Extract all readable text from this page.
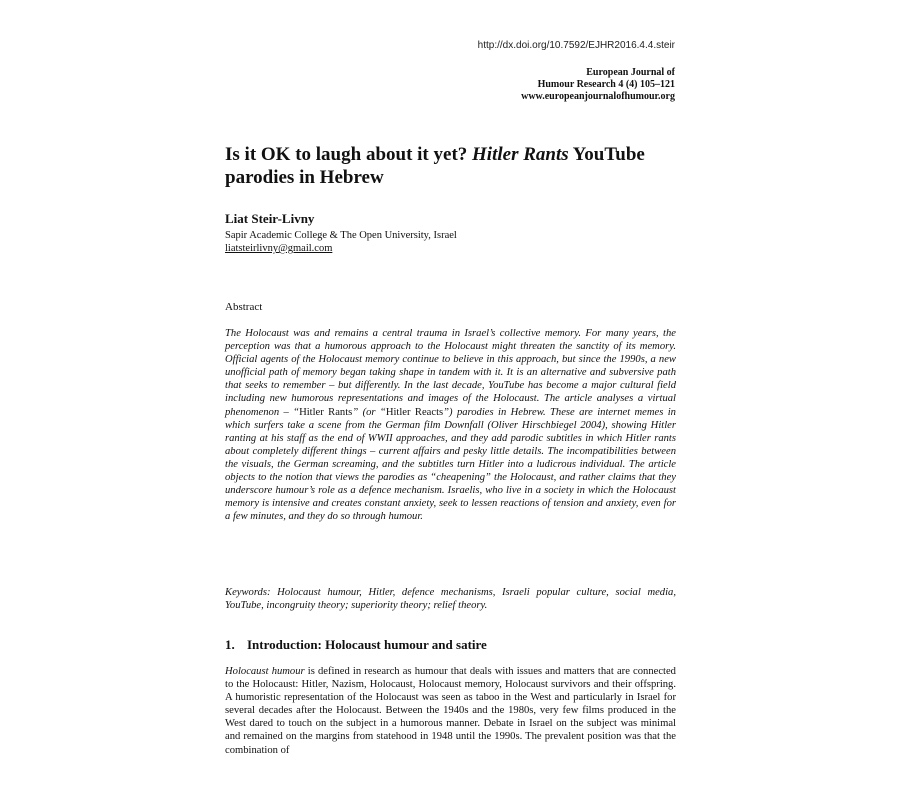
http://dx.doi.org/10.7592/EJHR2016.4.4.steir
European Journal of
Humour Research 4 (4) 105–121
www.europeanjournalofhumour.org
Is it OK to laugh about it yet? Hitler Rants YouTube parodies in Hebrew
Liat Steir-Livny
Sapir Academic College & The Open University, Israel
liatsteirlivny@gmail.com
Abstract
The Holocaust was and remains a central trauma in Israel’s collective memory. For many years, the perception was that a humorous approach to the Holocaust might threaten the sanctity of its memory. Official agents of the Holocaust memory continue to believe in this approach, but since the 1990s, a new unofficial path of memory began taking shape in tandem with it. It is an alternative and subversive path that seeks to remember – but differently. In the last decade, YouTube has become a major cultural field including new humorous representations and images of the Holocaust. The article analyses a virtual phenomenon – “Hitler Rants” (or “Hitler Reacts”) parodies in Hebrew. These are internet memes in which surfers take a scene from the German film Downfall (Oliver Hirschbiegel 2004), showing Hitler ranting at his staff as the end of WWII approaches, and they add parodic subtitles in which Hitler rants about completely different things – current affairs and pesky little details. The incompatibilities between the visuals, the German screaming, and the subtitles turn Hitler into a ludicrous individual. The article objects to the notion that views the parodies as “cheapening” the Holocaust, and rather claims that they underscore humour’s role as a defence mechanism. Israelis, who live in a society in which the Holocaust memory is intensive and creates constant anxiety, seek to lessen reactions of tension and anxiety, even for a few minutes, and they do so through humour.
Keywords: Holocaust humour, Hitler, defence mechanisms, Israeli popular culture, social media, YouTube, incongruity theory; superiority theory; relief theory.
1. Introduction: Holocaust humour and satire
Holocaust humour is defined in research as humour that deals with issues and matters that are connected to the Holocaust: Hitler, Nazism, Holocaust, Holocaust memory, Holocaust survivors and their offspring. A humoristic representation of the Holocaust was seen as taboo in the West and particularly in Israel for several decades after the Holocaust. Between the 1940s and the 1980s, very few films produced in the West dared to touch on the subject in a humorous manner. Debate in Israel on the subject was minimal and remained on the margins from statehood in 1948 until the 1990s. The prevalent position was that the combination of
